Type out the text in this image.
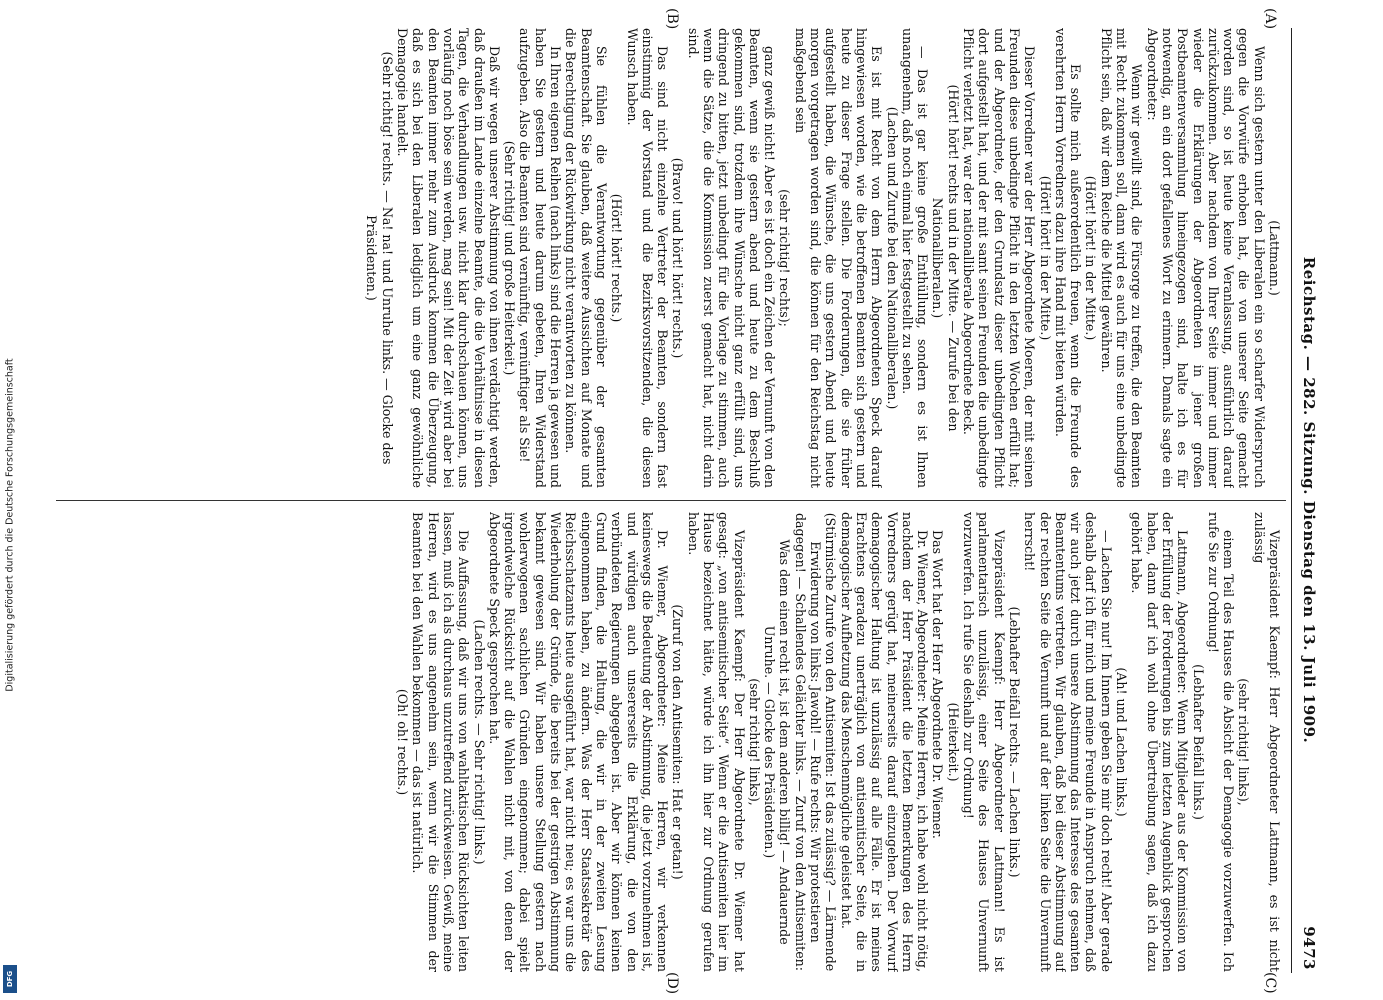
Reichstag. — 282. Sitzung. Dienstag den 13. Juli 1909.
9473
(A)
(B)
(C)
(D)

(Lattmann.)

Wenn sich gestern unter den Liberalen ein so scharfer Widerspruch gegen die Vorwürfe erhoben hat, die von unserer Seite gemacht worden sind, so ist heute keine Veranlassung, ausführlich darauf zurückzukommen. Aber nachdem von Ihrer Seite immer und immer wieder die Erklärungen der Abgeordneten in jener großen Postbeamtenversammlung hineingezogen sind, halte ich es für notwendig, an ein dort gefallenes Wort zu erinnern. Damals sagte ein Abgeordneter:

Wenn wir gewillt sind, die Fürsorge zu treffen, die den Beamten mit Recht zukommen soll, dann wird es auch für uns eine unbedingte Pflicht sein, daß wir dem Reiche die Mittel gewähren.

(Hört! hört! in der Mitte.)

Es sollte mich außerordentlich freuen, wenn die Freunde des verehrten Herrn Vorredners dazu ihre Hand mit bieten würden.

(Hört! hört! in der Mitte.)

Dieser Vorredner war der Herr Abgeordnete Moeren, der mit seinen Freunden diese unbedingte Pflicht in den letzten Wochen erfüllt hat; und der Abgeordnete, der den Grundsatz dieser unbedingten Pflicht dort aufgestellt hat, und der mit samt seinen Freunden die unbedingte Pflicht verletzt hat, war der nationalliberale Abgeordnete Beck.

(Hört! hört! rechts und in der Mitte. — Zurufe bei den Nationalliberalen.)

— Das ist gar keine große Enthüllung, sondern es ist Ihnen unangenehm, daß noch einmal hier festgestellt zu sehen.

(Lachen und Zurufe bei den Nationalliberalen.)

Es ist mit Recht von dem Herrn Abgeordneten Speck darauf hingewiesen worden, wie die betroffenen Beamten sich gestern und heute zu dieser Frage stellen. Die Forderungen, die sie früher aufgestellt haben, die Wünsche, die uns gestern Abend und heute morgen vorgetragen worden sind, die können für den Reichstag nicht maßgebend sein

(sehr richtig! rechts);

ganz gewiß nicht! Aber es ist doch ein Zeichen der Vernunft von den Beamten, wenn sie gestern abend und heute zu dem Beschluß gekommen sind, trotzdem ihre Wünsche nicht ganz erfüllt sind, uns dringend zu bitten, jetzt unbedingt für die Vorlage zu stimmen, auch wenn die Sätze, die die Kommission zuerst gemacht hat, nicht darin sind.

(Bravo! und hört! hört! rechts.)

Das sind nicht einzelne Vertreter der Beamten, sondern fast einstimmig der Vorstand und die Bezirksvorsitzenden, die diesen Wunsch haben.

(Hört! hört! rechts.)

Sie fühlen die Verantwortung gegenüber der gesamten Beamtenschaft. Sie glauben, daß weitere Aussichten auf Monate und die Berechtigung der Rückwirkung nicht verantworten zu können.

In Ihren eigenen Reihen (nach links) sind die Herren ja gewesen und haben Sie gestern und heute darum gebeten, Ihren Widerstand aufzugeben. Also die Beamten sind vernünftig, vernünftiger als Sie!

(Sehr richtig! und große Heiterkeit.)

Daß wir wegen unserer Abstimmung von ihnen verdächtigt werden, daß draußen im Lande einzelne Beamte, die die Verhältnisse in diesen Tagen, die Verhandlungen usw. nicht klar durchschauen können, uns vorläufig noch böse sein werden, mag sein! Mit der Zeit wird aber bei den Beamten immer mehr zum Ausdruck kommen die Überzeugung, daß es sich bei den Liberalen lediglich um eine ganz gewöhnliche Demagogie handelt.

(Sehr richtig! rechts. — Na! na! und Unruhe links. — Glocke des Präsidenten.)

Vizepräsident Kaempf: Herr Abgeordneter Lattmann, es ist nicht zulässig

(sehr richtig! links),

einem Teil des Hauses die Absicht der Demagogie vorzuwerfen. Ich rufe Sie zur Ordnung!

(Lebhafter Beifall links.)

Lattmann, Abgeordneter: Wenn Mitglieder aus der Kommission von der Erfüllung der Forderungen bis zum letzten Augenblick gesprochen haben, dann darf ich wohl ohne Übertreibung sagen, daß ich dazu gehört habe.

(Ah! und Lachen links.)

— Lachen Sie nur! Im Innern geben Sie mir doch recht! Aber gerade deshalb darf ich für mich und meine Freunde in Anspruch nehmen, daß wir auch jetzt durch unsere Abstimmung das Interesse des gesamten Beamtentums vertreten. Wir glauben, daß bei dieser Abstimmung auf der rechten Seite die Vernunft und auf der linken Seite die Unvernunft herrscht!

(Lebhafter Beifall rechts. — Lachen links.)

Vizepräsident Kaempf: Herr Abgeordneter Lattmann! Es ist parlamentarisch unzulässig, einer Seite des Hauses Unvernunft vorzuwerfen. Ich rufe Sie deshalb zur Ordnung!

(Heiterkeit.)

Das Wort hat der Herr Abgeordnete Dr. Wiemer.

Dr. Wiemer, Abgeordneter: Meine Herren, ich habe wohl nicht nötig, nachdem der Herr Präsident die letzten Bemerkungen des Herrn Vorredners gerügt hat, meinerseits darauf einzugehen. Der Vorwurf demagogischer Haltung ist unzulässig auf alle Fälle. Er ist meines Erachtens geradezu unerträglich von antisemitischer Seite, die in demagogischer Aufhetzung das Menschenmögliche geleistet hat.

(Stürmische Zurufe von den Antisemiten: Ist das zulässig? — Lärmende Erwiderung von links: Jawohl! — Rufe rechts: Wir protestieren dagegen! — Schallendes Gelächter links. — Zuruf von den Antisemiten: Was dem einen recht ist, ist dem anderen billig! — Andauernde Unruhe. — Glocke des Präsidenten.)

(sehr richtig! links),

Vizepräsident Kaempf: Der Herr Abgeordnete Dr. Wiemer hat gesagt: „von antisemitischer Seite“. Wenn er die Antisemiten hier im Hause bezeichnet hätte, würde ich ihn hier zur Ordnung gerufen haben.

(Zuruf von den Antisemiten: Hat er getan!)

Dr. Wiemer, Abgeordneter: Meine Herren, wir verkennen keineswegs die Bedeutung der Abstimmung, die jetzt vorzunehmen ist, und würdigen auch unsererseits die Erklärung, die von den verbündeten Regierungen abgegeben ist. Aber wir können keinen Grund finden, die Haltung, die wir in der zweiten Lesung eingenommen haben, zu ändern. Was der Herr Staatssekretär des Reichsschatzamts heute ausgeführt hat, war nicht neu; es war uns die Wiederholung der Gründe, die bereits bei der gestrigen Abstimmung bekannt gewesen sind. Wir haben unsere Stellung gestern nach wohlerwogenen sachlichen Gründen eingenommen; dabei spielt irgendwelche Rücksicht auf die Wahlen nicht mit, von denen der Abgeordnete Speck gesprochen hat.

(Lachen rechts. — Sehr richtig! links.)

Die Auffassung, daß wir uns von wahltaktischen Rücksichten leiten lassen, muß ich als durchaus unzutreffend zurückweisen. Gewiß, meine Herren, wird es uns angenehm sein, wenn wir die Stimmen der Beamten bei den Wahlen bekommen — das ist natürlich.

(Oh! oh! rechts.)

Digitalisierung gefördert durch die Deutsche Forschungsgemeinschaft
DFG
